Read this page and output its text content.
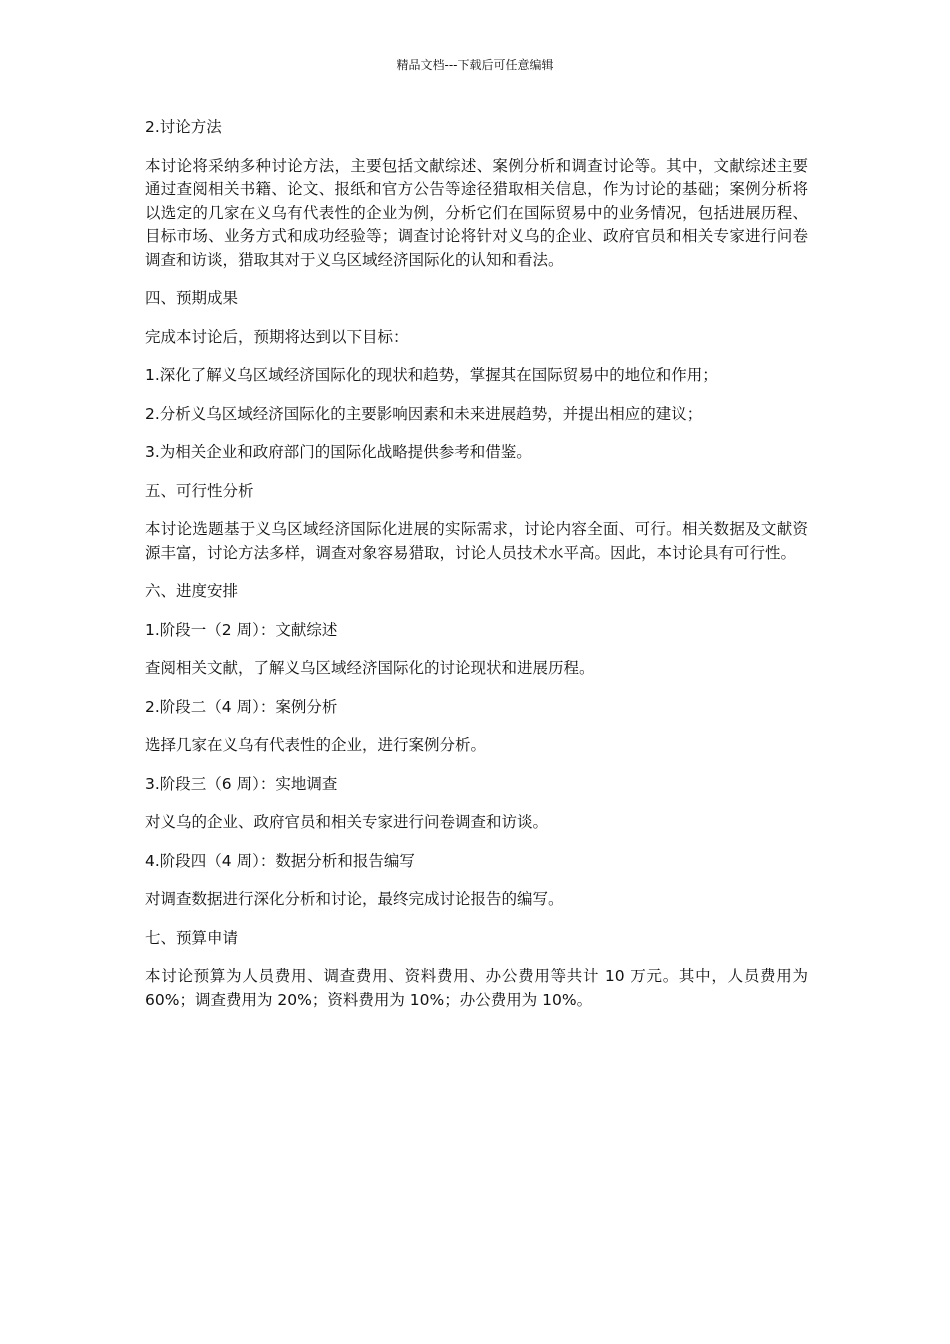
精品文档---下载后可任意编辑

2.讨论方法

本讨论将采纳多种讨论方法，主要包括文献综述、案例分析和调查讨论等。其中，文献综述主要通过查阅相关书籍、论文、报纸和官方公告等途径猎取相关信息，作为讨论的基础；案例分析将以选定的几家在义乌有代表性的企业为例，分析它们在国际贸易中的业务情况，包括进展历程、目标市场、业务方式和成功经验等；调查讨论将针对义乌的企业、政府官员和相关专家进行问卷调查和访谈，猎取其对于义乌区域经济国际化的认知和看法。

四、预期成果

完成本讨论后，预期将达到以下目标：

1.深化了解义乌区域经济国际化的现状和趋势，掌握其在国际贸易中的地位和作用；

2.分析义乌区域经济国际化的主要影响因素和未来进展趋势，并提出相应的建议；

3.为相关企业和政府部门的国际化战略提供参考和借鉴。

五、可行性分析

本讨论选题基于义乌区域经济国际化进展的实际需求，讨论内容全面、可行。相关数据及文献资源丰富，讨论方法多样，调查对象容易猎取，讨论人员技术水平高。因此，本讨论具有可行性。

六、进度安排

1.阶段一（2 周）：文献综述

查阅相关文献，了解义乌区域经济国际化的讨论现状和进展历程。

2.阶段二（4 周）：案例分析

选择几家在义乌有代表性的企业，进行案例分析。

3.阶段三（6 周）：实地调查

对义乌的企业、政府官员和相关专家进行问卷调查和访谈。

4.阶段四（4 周）：数据分析和报告编写

对调查数据进行深化分析和讨论，最终完成讨论报告的编写。

七、预算申请

本讨论预算为人员费用、调查费用、资料费用、办公费用等共计 10 万元。其中，人员费用为 60%；调查费用为 20%；资料费用为 10%；办公费用为 10%。
